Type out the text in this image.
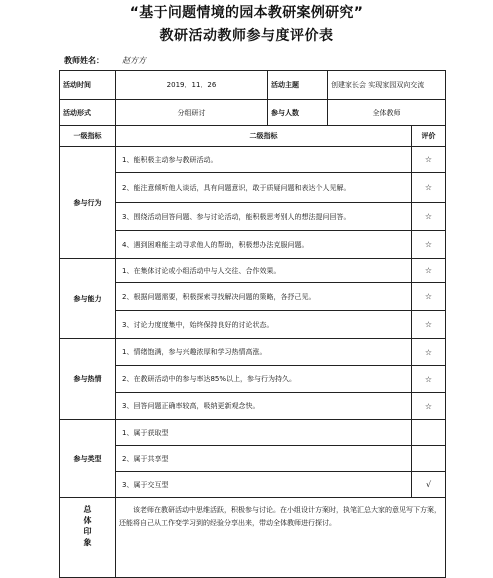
“基于问题情境的园本教研案例研究”
教研活动教师参与度评价表
教师姓名： 赵方方
活动时间	2019．11．26	活动主题	创建家长会 实现家园双向交流	
活动形式	分组研讨	参与人数	全体教师	
一级指标	二级指标			评价
参与行为	1、能积极主动参与教研活动。			☆
	2、能注意倾听他人谈话，具有问题意识，敢于质疑问题和表达个人见解。			☆
	3、围绕活动回答问题、参与讨论活动，能积极思考别人的想法提问回答。			☆
	4、遇到困难能主动寻求他人的帮助，积极想办法克服问题。			☆
参与能力	1、在集体讨论或小组活动中与人交往、合作效果。			☆
	2、根据问题需要，积极探索寻找解决问题的策略，各抒己见。			☆
	3、讨论力度度集中，始终保持良好的讨论状态。			☆
参与热情	1、情绪饱满，参与兴趣浓厚和学习热情高涨。			☆
	2、在教研活动中的参与率达85%以上，参与行为持久。			☆
	3、回答问题正确率较高，吸纳更新观念快。			☆
参与类型	1、属于获取型			
	2、属于共享型			
	3、属于交互型			√

总 体 印 象	该老师在教研活动中思维活跃，积极参与讨论。在小组设计方案时，执笔汇总大家的意见写下方案，还能将自己从工作变学习到的经验分享出来，带动全体教师进行探讨。			
